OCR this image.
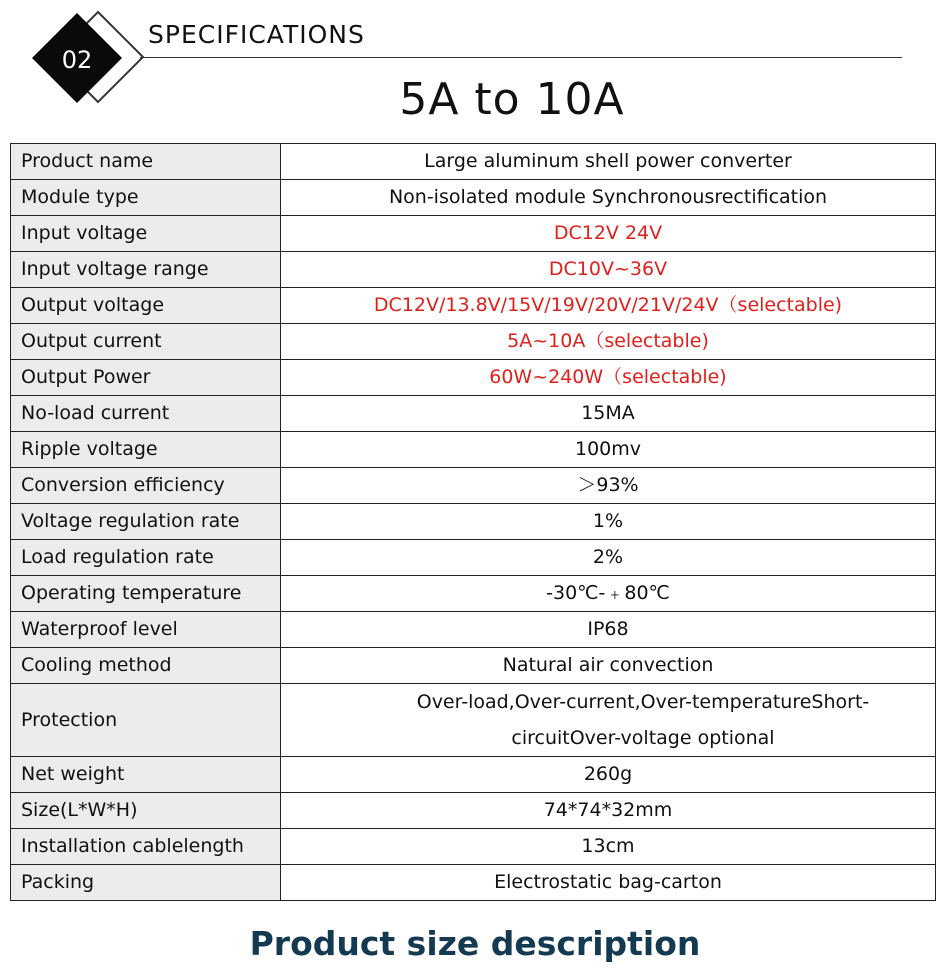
02
SPECIFICATIONS
5A to 10A
Product name	Large aluminum shell power converter
Module type	Non-isolated module Synchronousrectification
Input voltage	DC12V 24V
Input voltage range	DC10V~36V
Output voltage	DC12V/13.8V/15V/19V/20V/21V/24V（selectable)
Output current	5A~10A（selectable)
Output Power	60W~240W（selectable)
No-load current	15MA
Ripple voltage	100mv
Conversion efficiency	＞93%
Voltage regulation rate	1%
Load regulation rate	2%
Operating temperature	-30℃-﹢80℃
Waterproof level	IP68
Cooling method	Natural air convection
Protection	Over-load,Over-current,Over-temperatureShort-circuitOver-voltage optional
Net weight	260g
Size(L*W*H)	74*74*32mm
Installation cablelength	13cm
Packing	Electrostatic bag-carton
Product size description
